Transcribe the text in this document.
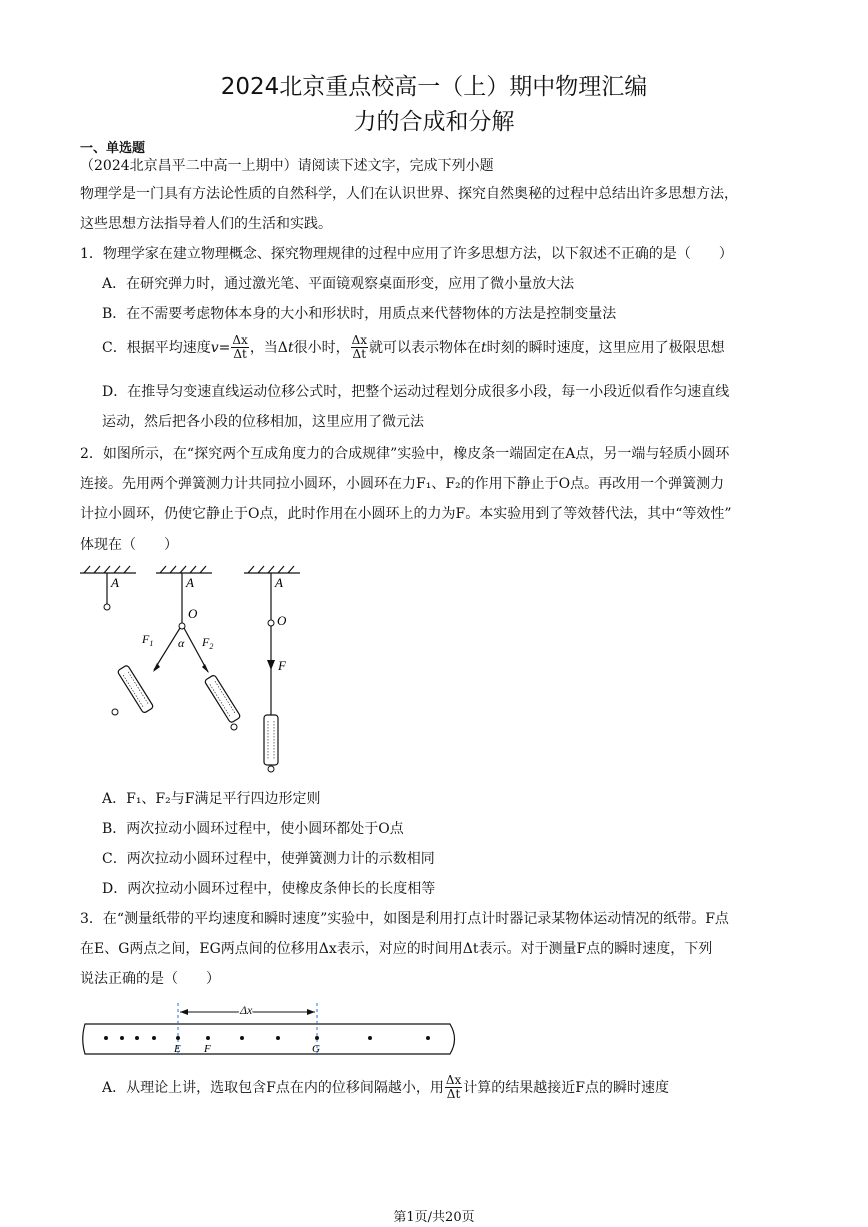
2024北京重点校高一（上）期中物理汇编
力的合成和分解
一、单选题
（2024北京昌平二中高一上期中）请阅读下述文字，完成下列小题
物理学是一门具有方法论性质的自然科学，人们在认识世界、探究自然奥秘的过程中总结出许多思想方法，
这些思想方法指导着人们的生活和实践。
1．物理学家在建立物理概念、探究物理规律的过程中应用了许多思想方法，以下叙述不正确的是（　　）
A．在研究弹力时，通过激光笔、平面镜观察桌面形变，应用了微小量放大法
B．在不需要考虑物体本身的大小和形状时，用质点来代替物体的方法是控制变量法
C．根据平均速度 $v = \frac{\Delta x}{\Delta t}$ ，当Δ t 很小时， $\frac{\Delta x}{\Delta t}$ 就可以表示物体在 t 时刻的瞬时速度，这里应用了极限思想
D．在推导匀变速直线运动位移公式时，把整个运动过程划分成很多小段，每一小段近似看作匀速直线
运动，然后把各小段的位移相加，这里应用了微元法
2．如图所示，在“探究两个互成角度力的合成规律”实验中，橡皮条一端固定在A点，另一端与轻质小圆环
连接。先用两个弹簧测力计共同拉小圆环，小圆环在力F₁、F₂的作用下静止于O点。再改用一个弹簧测力
计拉小圆环，仍使它静止于O点，此时作用在小圆环上的力为F。本实验用到了等效替代法，其中“等效性”
体现在（　　）
A	A
O
$F_1$ α $F_2$
A
O
F
A．F₁、F₂与F满足平行四边形定则
B．两次拉动小圆环过程中，使小圆环都处于O点
C．两次拉动小圆环过程中，使弹簧测力计的示数相同
D．两次拉动小圆环过程中，使橡皮条伸长的长度相等
3．在“测量纸带的平均速度和瞬时速度”实验中，如图是利用打点计时器记录某物体运动情况的纸带。F点
在E、G两点之间，EG两点间的位移用Δx表示，对应的时间用Δt表示。对于测量F点的瞬时速度，下列
说法正确的是（　　）
Δx
E F	G
A．从理论上讲，选取包含F点在内的位移间隔越小，用 $\frac{\Delta x}{\Delta t}$ 计算的结果越接近F点的瞬时速度
第1页/共20页
